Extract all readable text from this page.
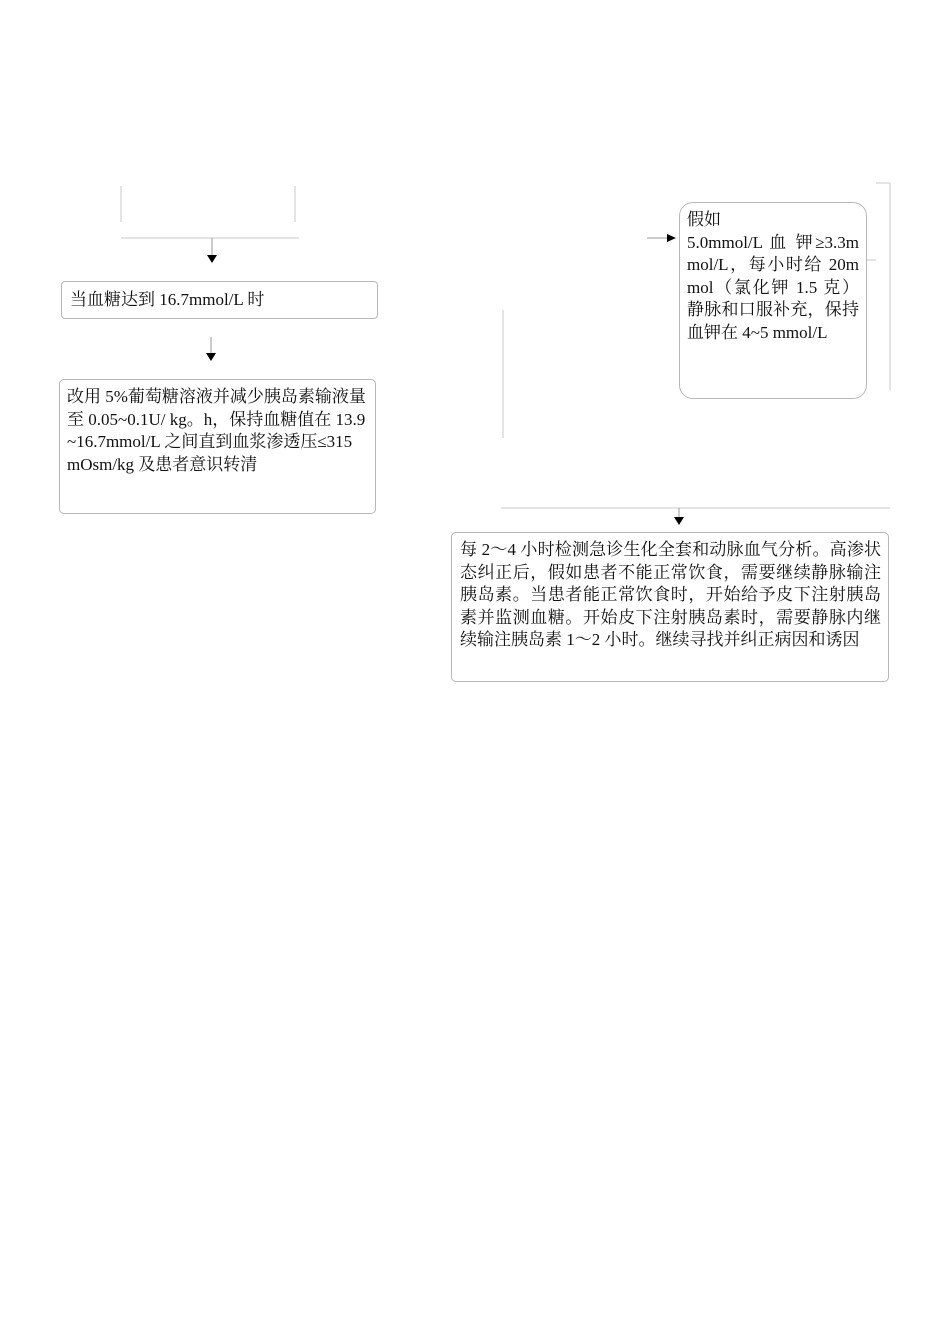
当血糖达到 16.7mmol/L 时
改用 5%葡萄糖溶液并减少胰岛素输液量至 0.05~0.1U/ kg。h，保持血糖值在 13.9~16.7mmol/L 之间直到血浆渗透压≤315 mOsm/kg 及患者意识转清
假如
5.0mmol/L 血 钾≥3.3mmol/L，每小时给 20mmol（氯化钾 1.5 克）静脉和口服补充，保持血钾在 4~5 mmol/L
每 2～4 小时检测急诊生化全套和动脉血气分析。高渗状态纠正后，假如患者不能正常饮食，需要继续静脉输注胰岛素。当患者能正常饮食时，开始给予皮下注射胰岛素并监测血糖。开始皮下注射胰岛素时，需要静脉内继续输注胰岛素 1～2 小时。继续寻找并纠正病因和诱因
